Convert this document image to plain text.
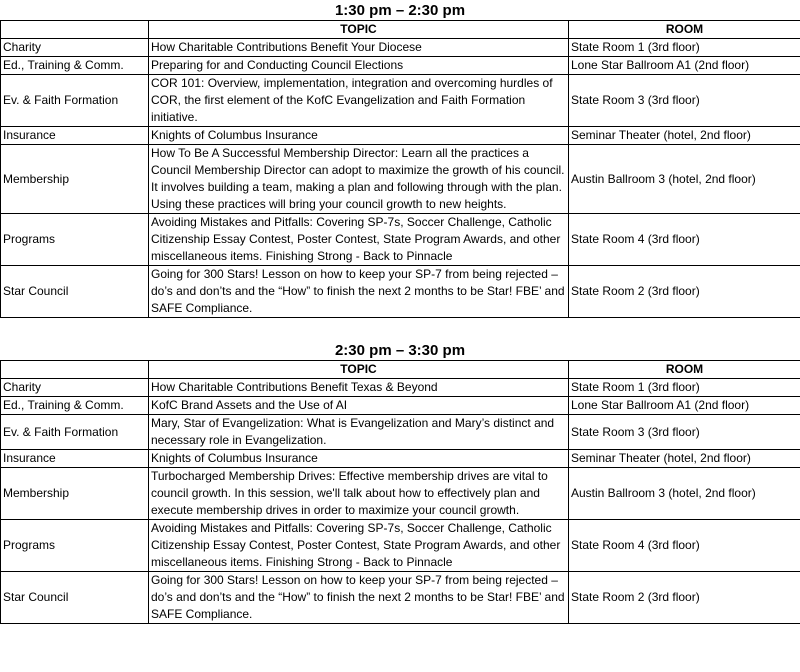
1:30 pm – 2:30 pm
	TOPIC	ROOM
Charity	How Charitable Contributions Benefit Your Diocese	State Room 1 (3rd floor)
Ed., Training & Comm.	Preparing for and Conducting Council Elections	Lone Star Ballroom A1 (2nd floor)
Ev. & Faith Formation	COR 101: Overview, implementation, integration and overcoming hurdles of COR, the first element of the KofC Evangelization and Faith Formation initiative.	State Room 3 (3rd floor)
Insurance	Knights of Columbus Insurance	Seminar Theater (hotel, 2nd floor)
Membership	How To Be A Successful Membership Director: Learn all the practices a Council Membership Director can adopt to maximize the growth of his council. It involves building a team, making a plan and following through with the plan. Using these practices will bring your council growth to new heights.	Austin Ballroom 3 (hotel, 2nd floor)
Programs	Avoiding Mistakes and Pitfalls: Covering SP-7s, Soccer Challenge, Catholic Citizenship Essay Contest, Poster Contest, State Program Awards, and other miscellaneous items. Finishing Strong - Back to Pinnacle	State Room 4 (3rd floor)
Star Council	Going for 300 Stars! Lesson on how to keep your SP-7 from being rejected – do’s and don’ts and the “How” to finish the next 2 months to be Star! FBE’ and SAFE Compliance.	State Room 2 (3rd floor)
2:30 pm – 3:30 pm
	TOPIC	ROOM
Charity	How Charitable Contributions Benefit Texas & Beyond	State Room 1 (3rd floor)
Ed., Training & Comm.	KofC Brand Assets and the Use of AI	Lone Star Ballroom A1 (2nd floor)
Ev. & Faith Formation	Mary, Star of Evangelization: What is Evangelization and Mary’s distinct and necessary role in Evangelization.	State Room 3 (3rd floor)
Insurance	Knights of Columbus Insurance	Seminar Theater (hotel, 2nd floor)
Membership	Turbocharged Membership Drives: Effective membership drives are vital to council growth. In this session, we'll talk about how to effectively plan and execute membership drives in order to maximize your council growth.	Austin Ballroom 3 (hotel, 2nd floor)
Programs	Avoiding Mistakes and Pitfalls: Covering SP-7s, Soccer Challenge, Catholic Citizenship Essay Contest, Poster Contest, State Program Awards, and other miscellaneous items. Finishing Strong - Back to Pinnacle	State Room 4 (3rd floor)
Star Council	Going for 300 Stars! Lesson on how to keep your SP-7 from being rejected – do’s and don’ts and the “How” to finish the next 2 months to be Star! FBE’ and SAFE Compliance.	State Room 2 (3rd floor)
